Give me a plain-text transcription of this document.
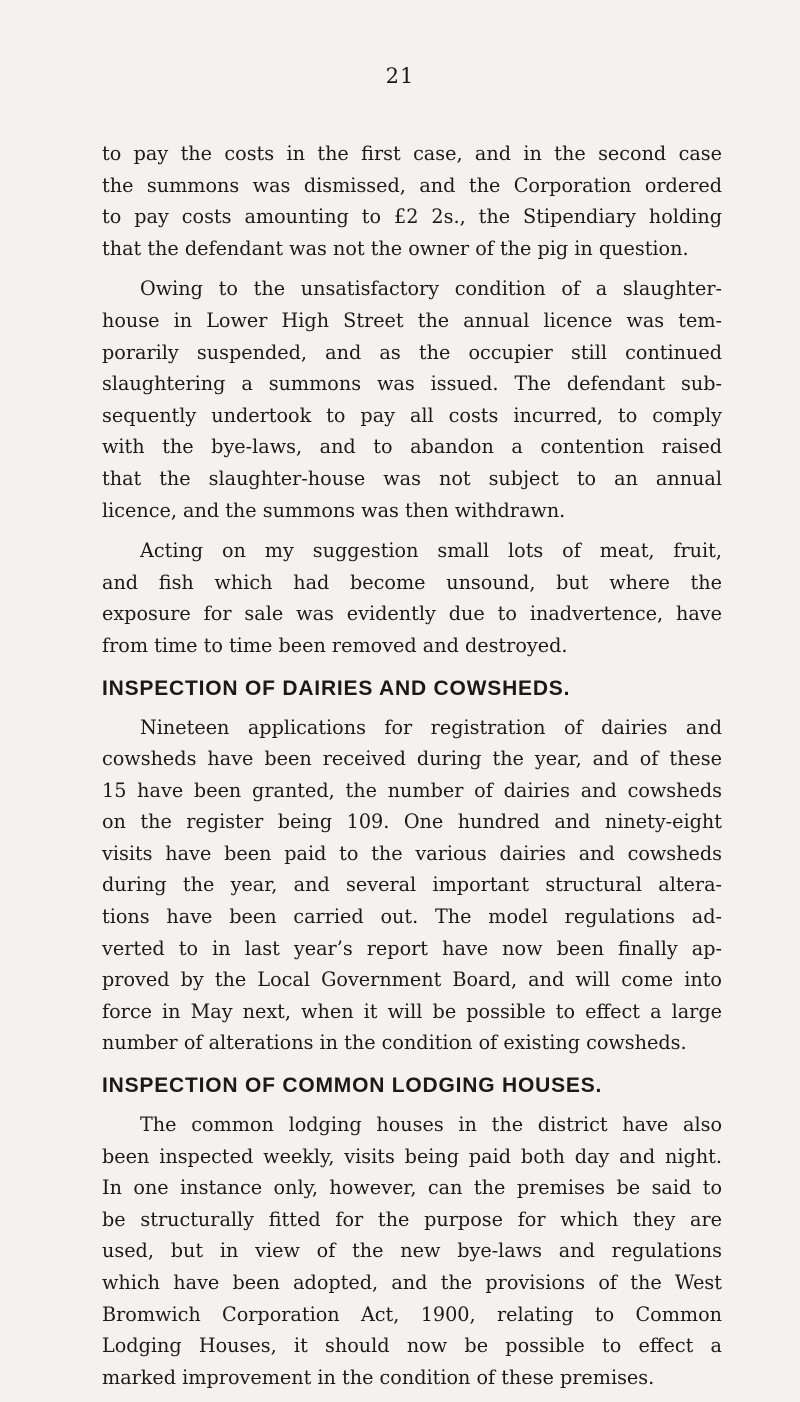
21
to pay the costs in the first case, and in the second case
the summons was dismissed, and the Corporation ordered
to pay costs amounting to £2 2s., the Stipendiary holding
that the defendant was not the owner of the pig in question.
Owing to the unsatisfactory condition of a slaughter-
house in Lower High Street the annual licence was tem-
porarily suspended, and as the occupier still continued
slaughtering a summons was issued. The defendant sub-
sequently undertook to pay all costs incurred, to comply
with the bye-laws, and to abandon a contention raised
that the slaughter-house was not subject to an annual
licence, and the summons was then withdrawn.
Acting on my suggestion small lots of meat, fruit,
and fish which had become unsound, but where the
exposure for sale was evidently due to inadvertence, have
from time to time been removed and destroyed.
INSPECTION OF DAIRIES AND COWSHEDS.
Nineteen applications for registration of dairies and
cowsheds have been received during the year, and of these
15 have been granted, the number of dairies and cowsheds
on the register being 109. One hundred and ninety-eight
visits have been paid to the various dairies and cowsheds
during the year, and several important structural altera-
tions have been carried out. The model regulations ad-
verted to in last year’s report have now been finally ap-
proved by the Local Government Board, and will come into
force in May next, when it will be possible to effect a large
number of alterations in the condition of existing cowsheds.
INSPECTION OF COMMON LODGING HOUSES.
The common lodging houses in the district have also
been inspected weekly, visits being paid both day and night.
In one instance only, however, can the premises be said to
be structurally fitted for the purpose for which they are
used, but in view of the new bye-laws and regulations
which have been adopted, and the provisions of the West
Bromwich Corporation Act, 1900, relating to Common
Lodging Houses, it should now be possible to effect a
marked improvement in the condition of these premises.
